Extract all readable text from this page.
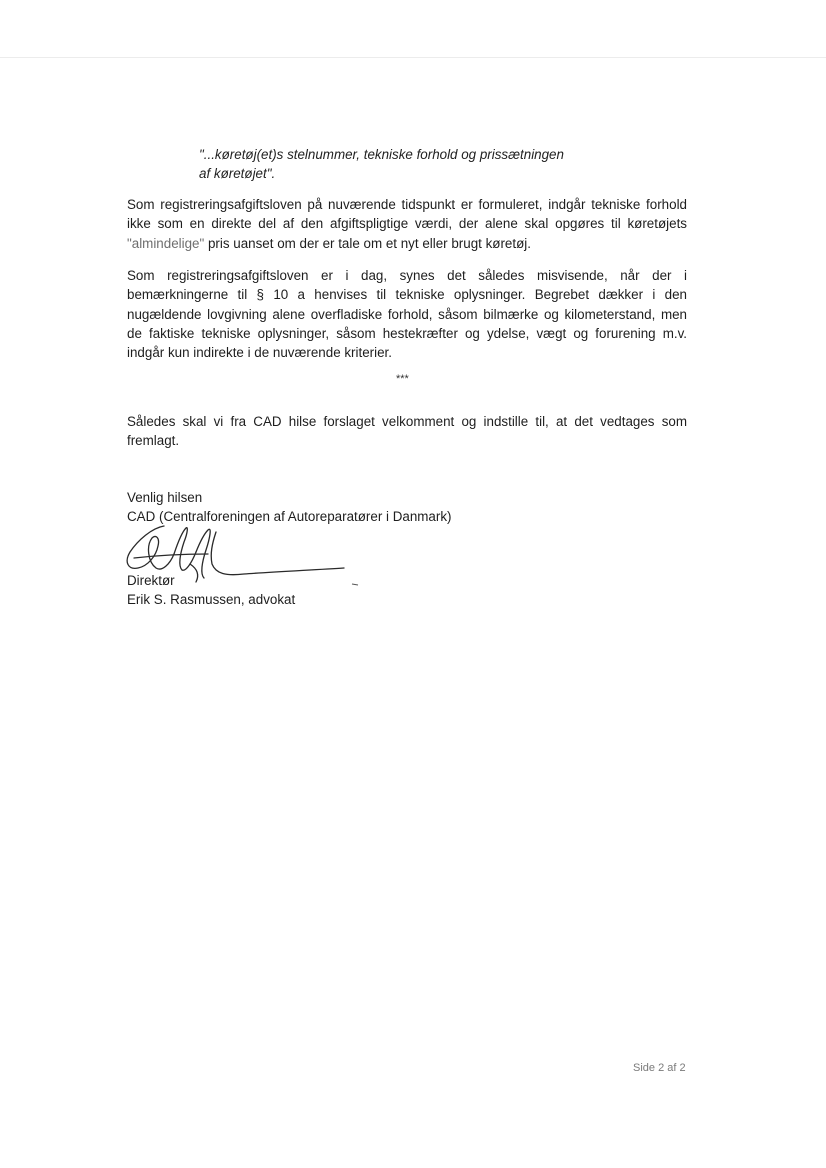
"...køretøj(et)s stelnummer, tekniske forhold og prissætningen
af køretøjet".
Som registreringsafgiftsloven på nuværende tidspunkt er formuleret, indgår tekniske forhold ikke som en direkte del af den afgiftspligtige værdi, der alene skal opgøres til køretøjets "almindelige" pris uanset om der er tale om et nyt eller brugt køretøj.
Som registreringsafgiftsloven er i dag, synes det således misvisende, når der i bemærkningerne til § 10 a henvises til tekniske oplysninger. Begrebet dækker i den nugældende lovgivning alene overfladiske forhold, såsom bilmærke og kilometerstand, men de faktiske tekniske oplysninger, såsom hestekræfter og ydelse, vægt og forurening m.v. indgår kun indirekte i de nuværende kriterier.
***
Således skal vi fra CAD hilse forslaget velkomment og indstille til, at det vedtages som fremlagt.
Venlig hilsen
CAD (Centralforeningen af Autoreparatører i Danmark)
Direktør
Erik S. Rasmussen, advokat
Side 2 af 2
